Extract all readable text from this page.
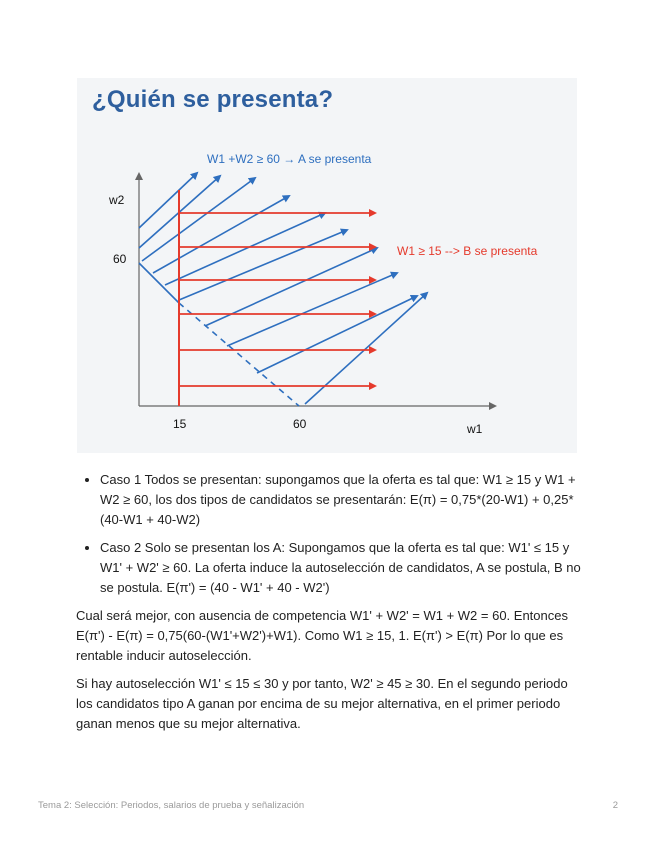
¿Quién se presenta?
W1 +W2 ≥ 60 → A se presenta
W1 ≥ 15 --> B se presenta
w2
w1
60
15	60
• Caso 1 Todos se presentan: supongamos que la oferta es tal que: W1 ≥ 15 y W1 + W2 ≥ 60, los dos tipos de candidatos se presentarán: E(π) = 0,75*(20-W1) + 0,25*(40-W1 + 40-W2)
• Caso 2 Solo se presentan los A: Supongamos que la oferta es tal que: W1' ≤ 15 y W1' + W2' ≥ 60. La oferta induce la autoselección de candidatos, A se postula, B no se postula. E(π') = (40 - W1' + 40 - W2')

Cual será mejor, con ausencia de competencia W1' + W2' = W1 + W2 = 60. Entonces E(π') - E(π) = 0,75(60-(W1'+W2')+W1). Como W1 ≥ 15, 1. E(π') > E(π) Por lo que es rentable inducir autoselección.

Si hay autoselección W1' ≤ 15 ≤ 30 y por tanto, W2' ≥ 45 ≥ 30. En el segundo periodo los candidatos tipo A ganan por encima de su mejor alternativa, en el primer periodo ganan menos que su mejor alternativa.

Tema 2: Selección: Periodos, salarios de prueba y señalización	2
